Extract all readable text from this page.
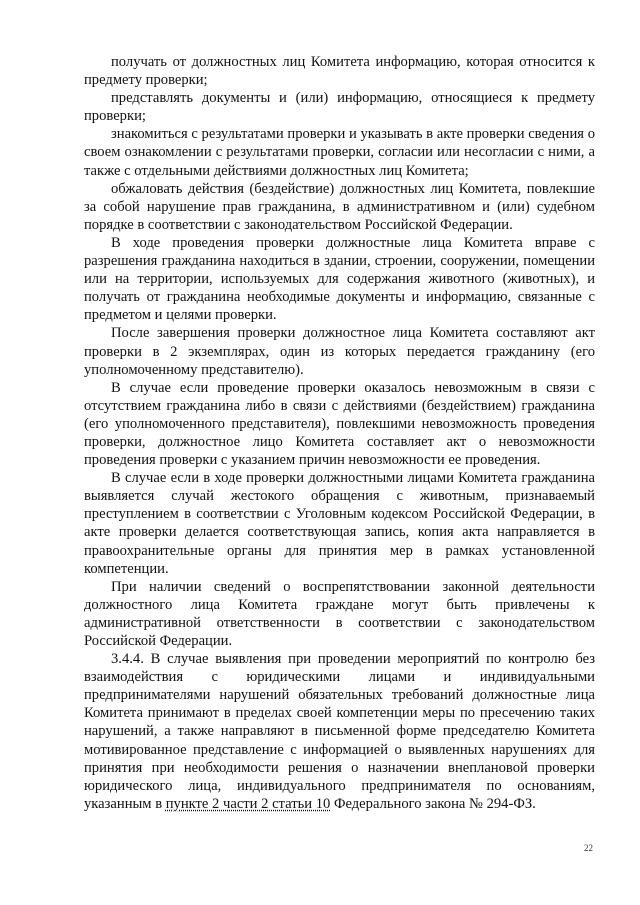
получать от должностных лиц Комитета информацию, которая относится к предмету проверки;

представлять документы и (или) информацию, относящиеся к предмету проверки;

знакомиться с результатами проверки и указывать в акте проверки сведения о своем ознакомлении с результатами проверки, согласии или несогласии с ними, а также с отдельными действиями должностных лиц Комитета;

обжаловать действия (бездействие) должностных лиц Комитета, повлекшие за собой нарушение прав гражданина, в административном и (или) судебном порядке в соответствии с законодательством Российской Федерации.

В ходе проведения проверки должностные лица Комитета вправе с разрешения гражданина находиться в здании, строении, сооружении, помещении или на территории, используемых для содержания животного (животных), и получать от гражданина необходимые документы и информацию, связанные с предметом и целями проверки.

После завершения проверки должностное лица Комитета составляют акт проверки в 2 экземплярах, один из которых передается гражданину (его уполномоченному представителю).

В случае если проведение проверки оказалось невозможным в связи с отсутствием гражданина либо в связи с действиями (бездействием) гражданина (его уполномоченного представителя), повлекшими невозможность проведения проверки, должностное лицо Комитета составляет акт о невозможности проведения проверки с указанием причин невозможности ее проведения.

В случае если в ходе проверки должностными лицами Комитета гражданина выявляется случай жестокого обращения с животным, признаваемый преступлением в соответствии с Уголовным кодексом Российской Федерации, в акте проверки делается соответствующая запись, копия акта направляется в правоохранительные органы для принятия мер в рамках установленной компетенции.

При наличии сведений о воспрепятствовании законной деятельности должностного лица Комитета граждане могут быть привлечены к административной ответственности в соответствии с законодательством Российской Федерации.

3.4.4. В случае выявления при проведении мероприятий по контролю без взаимодействия с юридическими лицами и индивидуальными предпринимателями нарушений обязательных требований должностные лица Комитета принимают в пределах своей компетенции меры по пресечению таких нарушений, а также направляют в письменной форме председателю Комитета мотивированное представление с информацией о выявленных нарушениях для принятия при необходимости решения о назначении внеплановой проверки юридического лица, индивидуального предпринимателя по основаниям, указанным в пункте 2 части 2 статьи 10 Федерального закона № 294-ФЗ.

22
